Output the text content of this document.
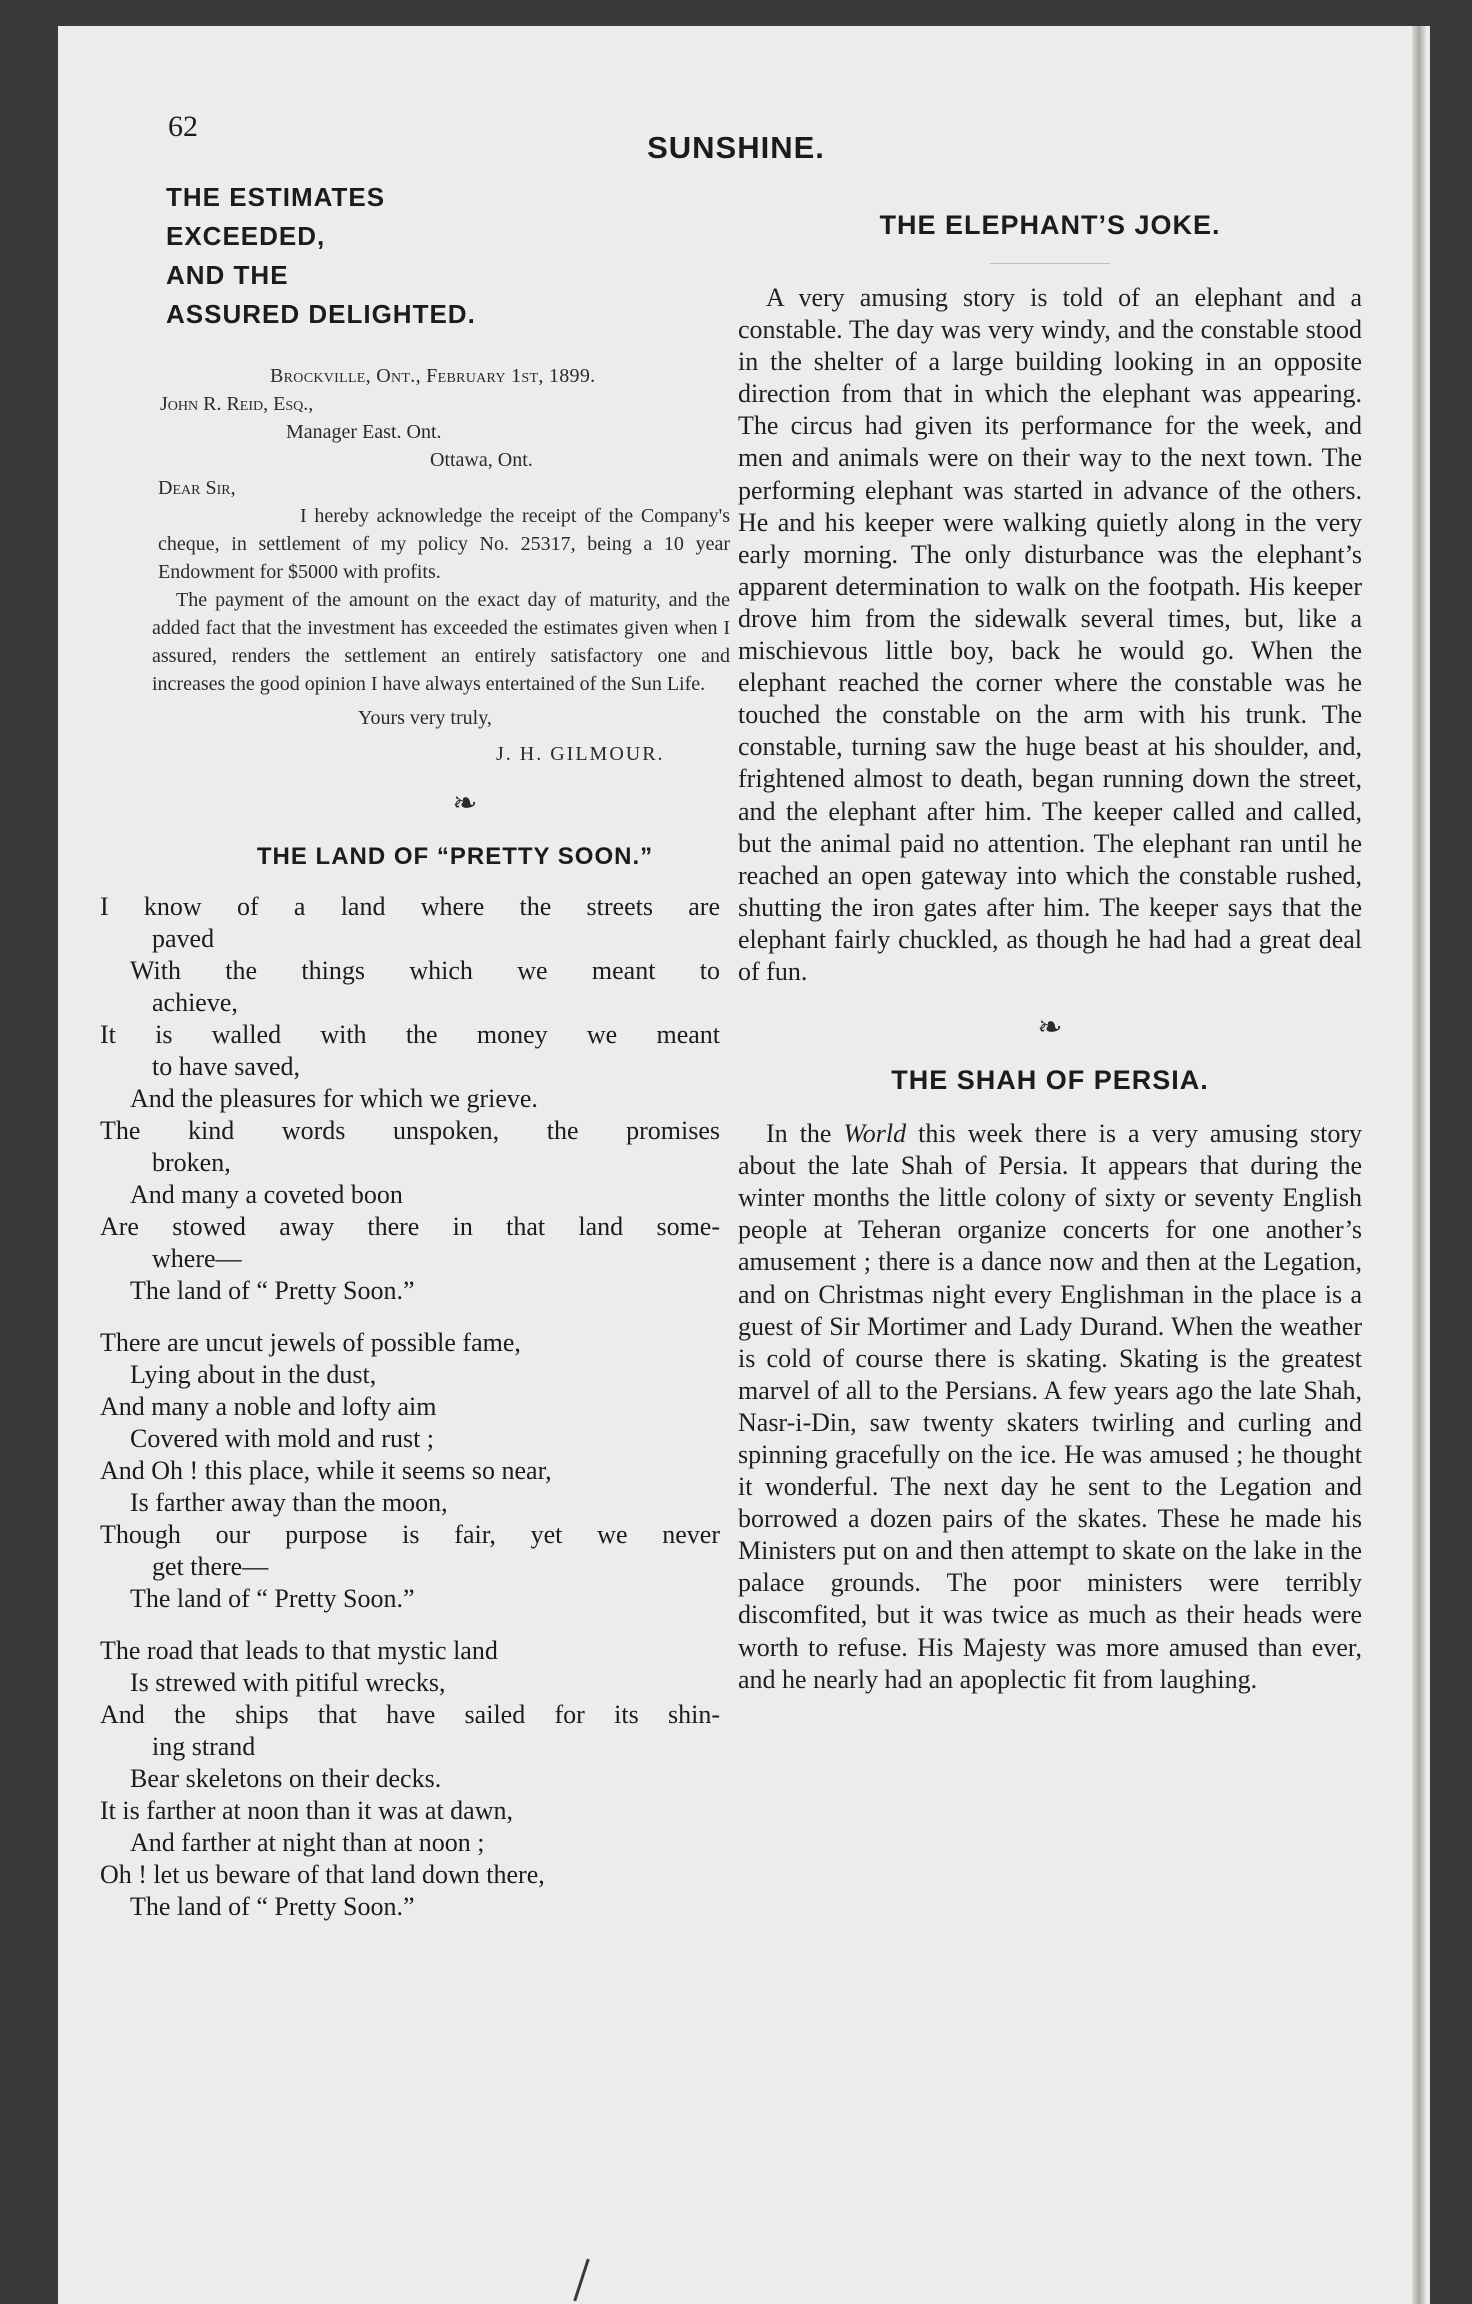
62
SUNSHINE.
THE ESTIMATES
EXCEEDED,
AND THE
ASSURED DELIGHTED.

Brockville, Ont., February 1st, 1899.

John R. Reid, Esq.,

Manager East. Ont.

Ottawa, Ont.

Dear Sir,

I hereby acknowledge the receipt of the Company's cheque, in settlement of my policy No. 25317, being a 10 year Endowment for $5000 with profits.

The payment of the amount on the exact day of maturity, and the added fact that the investment has exceeded the estimates given when I assured, renders the settlement an entirely satisfactory one and increases the good opinion I have always entertained of the Sun Life.

Yours very truly,

J. H. GILMOUR.

❧

THE LAND OF “PRETTY SOON.”

I know of a land where the streets are
paved
With the things which we meant to
achieve,
It is walled with the money we meant
to have saved,
And the pleasures for which we grieve.
The kind words unspoken, the promises
broken,
And many a coveted boon
Are stowed away there in that land some-
where—
The land of “ Pretty Soon.”
There are uncut jewels of possible fame,
Lying about in the dust,
And many a noble and lofty aim
Covered with mold and rust ;
And Oh ! this place, while it seems so near,
Is farther away than the moon,
Though our purpose is fair, yet we never
get there—
The land of “ Pretty Soon.”
The road that leads to that mystic land
Is strewed with pitiful wrecks,
And the ships that have sailed for its shin-
ing strand
Bear skeletons on their decks.
It is farther at noon than it was at dawn,
And farther at night than at noon ;
Oh ! let us beware of that land down there,
The land of “ Pretty Soon.”

THE ELEPHANT’S JOKE.

A very amusing story is told of an elephant and a constable. The day was very windy, and the constable stood in the shelter of a large building looking in an opposite direction from that in which the elephant was appearing. The circus had given its performance for the week, and men and animals were on their way to the next town. The performing elephant was started in advance of the others. He and his keeper were walking quietly along in the very early morning. The only disturbance was the elephant’s apparent determination to walk on the footpath. His keeper drove him from the sidewalk several times, but, like a mischievous little boy, back he would go. When the elephant reached the corner where the constable was he touched the constable on the arm with his trunk. The constable, turning saw the huge beast at his shoulder, and, frightened almost to death, began running down the street, and the elephant after him. The keeper called and called, but the animal paid no attention. The elephant ran until he reached an open gateway into which the constable rushed, shutting the iron gates after him. The keeper says that the elephant fairly chuckled, as though he had had a great deal of fun.

❧

THE SHAH OF PERSIA.

In the World this week there is a very amusing story about the late Shah of Persia. It appears that during the winter months the little colony of sixty or seventy English people at Teheran organize concerts for one another’s amusement ; there is a dance now and then at the Legation, and on Christmas night every Englishman in the place is a guest of Sir Mortimer and Lady Durand. When the weather is cold of course there is skating. Skating is the greatest marvel of all to the Persians. A few years ago the late Shah, Nasr-i-Din, saw twenty skaters twirling and curling and spinning gracefully on the ice. He was amused ; he thought it wonderful. The next day he sent to the Legation and borrowed a dozen pairs of the skates. These he made his Ministers put on and then attempt to skate on the lake in the palace grounds. The poor ministers were terribly discomfited, but it was twice as much as their heads were worth to refuse. His Majesty was more amused than ever, and he nearly had an apoplectic fit from laughing.
